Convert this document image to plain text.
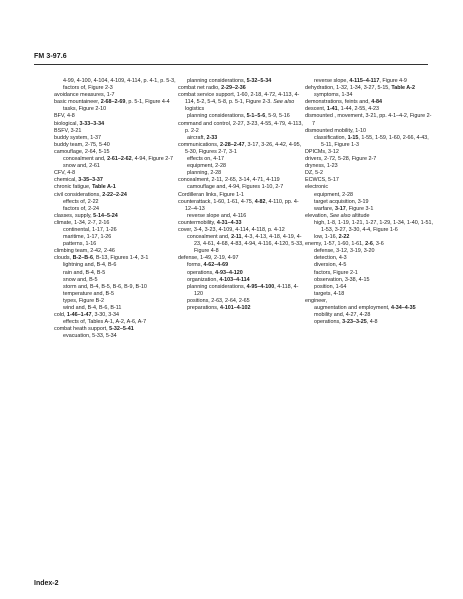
FM 3-97.6

4-99, 4-100, 4-104, 4-109, 4-114, p. 4-1, p. 5-3,

factors of, Figure 2-3

avoidance measures, 1-7

basic mountaineer, 2-68–2-69, p. 5-1, Figure 4-4

tasks, Figure 2-10

BFV, 4-8

biological, 3-33–3-34

BSFV, 3-21

buddy system, 1-37

buddy team, 2-75, 5-40

camouflage, 2-64, 5-15

concealment and, 2-61–2-62, 4-94, Figure 2-7

snow and, 2-61

CFV, 4-8

chemical, 3-35–3-37

chronic fatigue, Table A-1

civil considerations, 2-22–2-24

effects of, 2-22

factors of, 2-24

classes, supply, 5-14–5-24

climate, 1-34, 2-7, 2-16

continental, 1-17, 1-26

maritime, 1-17, 1-26

patterns, 1-16

climbing team, 2-42, 2-46

clouds, B-2–B-6, B-13, Figures 1-4, 3-1

lightning and, B-4, B-6

rain and, B-4, B-5

snow and, B-5

storm and, B-4, B-5, B-6, B-9, B-10

temperature and, B-5

types, Figure B-2

wind and, B-4, B-6, B-11

cold, 1-46–1-47, 3-30, 3-34

effects of, Tables A-1, A-2, A-6, A-7

combat heath support, 5-32–5-41

evacuation, 5-33, 5-34

planning considerations, 5-32–5-34

combat net radio, 2-29–2-36

combat service support, 1-60, 2-18, 4-72, 4-113, 4-114, 5-2, 5-4, 5-8, p. 5-1, Figure 2-3. See also logistics

planning considerations, 5-1–5-6, 5-9, 5-16

command and control, 2-27, 3-23, 4-55, 4-79, 4-113, p. 2-2

aircraft, 2-33

communications, 2-28–2-47, 3-17, 3-26, 4-42, 4-95, 5-30, Figures 2-7, 3-1

effects on, 4-17

equipment, 2-28

planning, 2-28

concealment, 2-11, 2-65, 3-14, 4-71, 4-119

camouflage and, 4-94, Figures 1-10, 2-7

Cordilleran links, Figure 1-1

counterattack, 1-60, 1-61, 4-75, 4-82, 4-110, pp. 4-12–4-13

reverse slope and, 4-116

countermobility, 4-31–4-33

cover, 3-4, 3-23, 4-109, 4-114, 4-118, p. 4-12

concealment and, 2-11, 4-3, 4-13, 4-18, 4-19, 4-23, 4-61, 4-68, 4-83, 4-94, 4-116, 4-120, 5-33, Figure 4-8

defense, 1-49, 2-19, 4-97

forms, 4-62–4-69

operations, 4-93–4-120

organization, 4-103–4-114

planning considerations, 4-95–4-100, 4-118, 4-120

positions, 2-63, 2-64, 2-65

preparations, 4-101–4-102

reverse slope, 4-115–4-117, Figure 4-9

dehydration, 1-32, 1-34, 3-27, 5-15, Table A-2

symptoms, 1-34

demonstrations, feints and, 4-84

descent, 1-41, 1-44, 2-55, 4-23

dismounted , movement, 3-21, pp. 4-1–4-2, Figure 2-7

dismounted mobility, 1-10

classification, 1-15, 1-55, 1-59, 1-60, 2-66, 4-43, 5-11, Figure 1-3

DPICMs, 3-12

drivers, 2-72, 5-28, Figure 2-7

dryness, 1-23

DZ, 5-2

ECWCS, 5-17

electronic

equipment, 2-28

target acquisition, 3-19

warfare, 3-17, Figure 3-1

elevation, See also altitude

high, 1-8, 1-19, 1-21, 1-27, 1-29, 1-34, 1-40, 1-51, 1-53, 3-27, 3-30, 4-4, Figure 1-6

low, 1-16, 2-22

enemy, 1-57, 1-60, 1-61, 2-6, 3-6

defense, 3-12, 3-19, 3-20

detection, 4-3

diversion, 4-5

factors, Figure 2-1

observation, 3-38, 4-15

position, 1-64

targets, 4-18

engineer,

augmentation and employment, 4-34–4-35

mobility and, 4-27, 4-28

operations, 3-23–3-25, 4-8

Index-2
